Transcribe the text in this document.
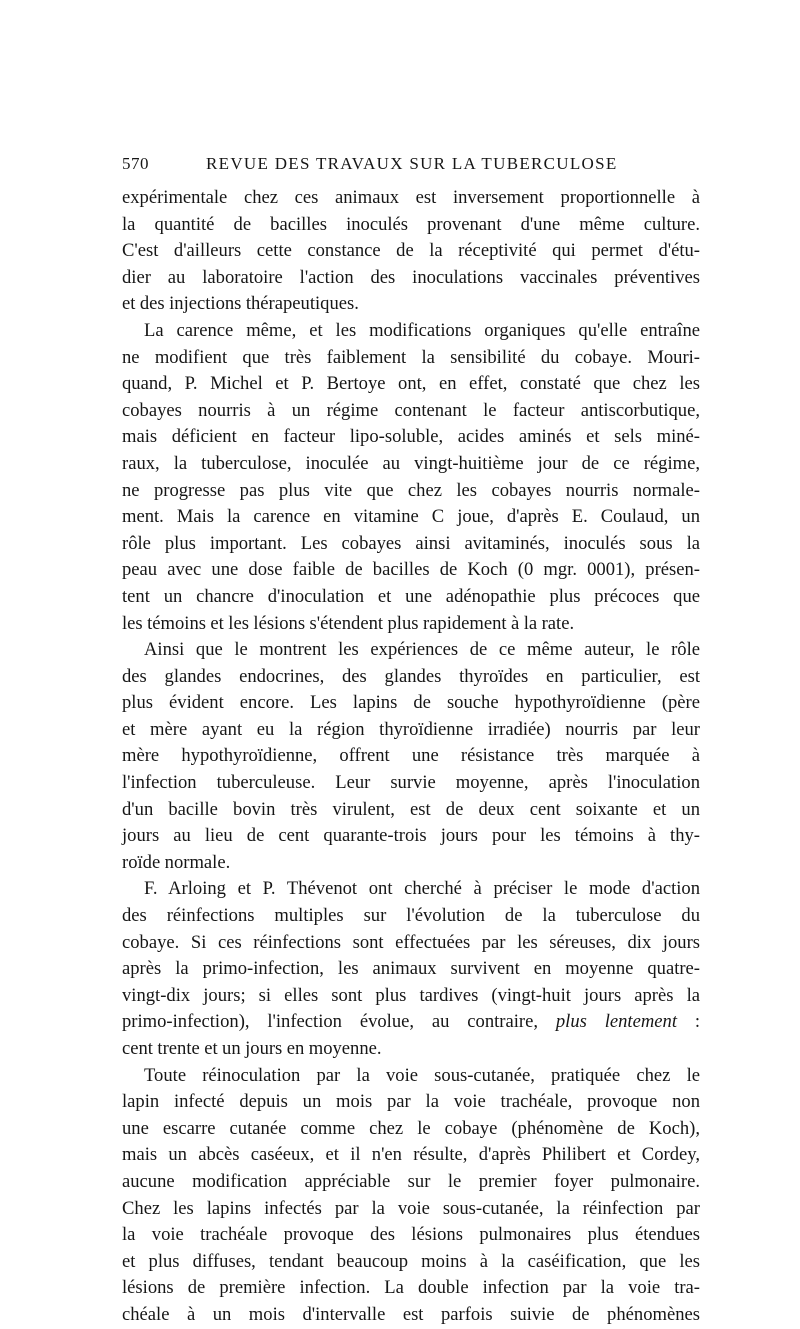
570	REVUE DES TRAVAUX SUR LA TUBERCULOSE

expérimentale chez ces animaux est inversement proportionnelle à
la quantité de bacilles inoculés provenant d'une même culture.
C'est d'ailleurs cette constance de la réceptivité qui permet d'étu-
dier au laboratoire l'action des inoculations vaccinales préventives
et des injections thérapeutiques.

La carence même, et les modifications organiques qu'elle entraîne
ne modifient que très faiblement la sensibilité du cobaye. Mouri-
quand, P. Michel et P. Bertoye ont, en effet, constaté que chez les
cobayes nourris à un régime contenant le facteur antiscorbutique,
mais déficient en facteur lipo-soluble, acides aminés et sels miné-
raux, la tuberculose, inoculée au vingt-huitième jour de ce régime,
ne progresse pas plus vite que chez les cobayes nourris normale-
ment. Mais la carence en vitamine C joue, d'après E. Coulaud, un
rôle plus important. Les cobayes ainsi avitaminés, inoculés sous la
peau avec une dose faible de bacilles de Koch (0 mgr. 0001), présen-
tent un chancre d'inoculation et une adénopathie plus précoces que
les témoins et les lésions s'étendent plus rapidement à la rate.

Ainsi que le montrent les expériences de ce même auteur, le rôle
des glandes endocrines, des glandes thyroïdes en particulier, est
plus évident encore. Les lapins de souche hypothyroïdienne (père
et mère ayant eu la région thyroïdienne irradiée) nourris par leur
mère hypothyroïdienne, offrent une résistance très marquée à
l'infection tuberculeuse. Leur survie moyenne, après l'inoculation
d'un bacille bovin très virulent, est de deux cent soixante et un
jours au lieu de cent quarante-trois jours pour les témoins à thy-
roïde normale.

F. Arloing et P. Thévenot ont cherché à préciser le mode d'action
des réinfections multiples sur l'évolution de la tuberculose du
cobaye. Si ces réinfections sont effectuées par les séreuses, dix jours
après la primo-infection, les animaux survivent en moyenne quatre-
vingt-dix jours; si elles sont plus tardives (vingt-huit jours après la
primo-infection), l'infection évolue, au contraire, plus lentement :
cent trente et un jours en moyenne.

Toute réinoculation par la voie sous-cutanée, pratiquée chez le
lapin infecté depuis un mois par la voie trachéale, provoque non
une escarre cutanée comme chez le cobaye (phénomène de Koch),
mais un abcès caséeux, et il n'en résulte, d'après Philibert et Cordey,
aucune modification appréciable sur le premier foyer pulmonaire.
Chez les lapins infectés par la voie sous-cutanée, la réinfection par
la voie trachéale provoque des lésions pulmonaires plus étendues
et plus diffuses, tendant beaucoup moins à la caséification, que les
lésions de première infection. La double infection par la voie tra-
chéale à un mois d'intervalle est parfois suivie de phénomènes
